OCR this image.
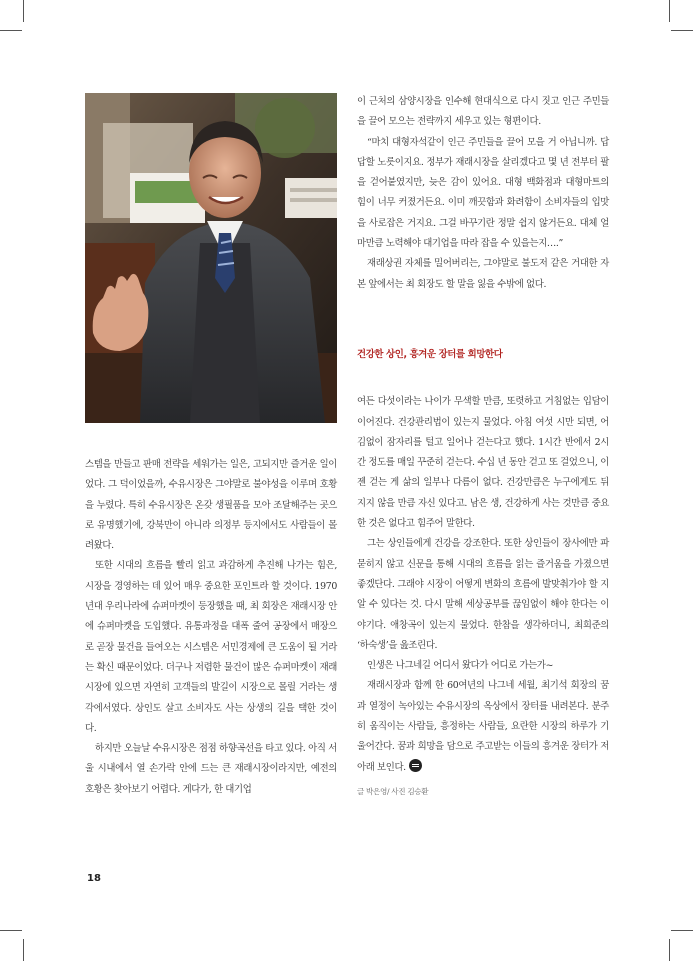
스템을 만들고 판매 전략을 세워가는 일은, 고되지만 즐거운 일이었다. 그 덕이었을까, 수유시장은 그야말로 불야성을 이루며 호황을 누렸다. 특히 수유시장은 온갖 생필품을 모아 조달해주는 곳으로 유명했기에, 강북만이 아니라 의정부 등지에서도 사람들이 몰려왔다.

또한 시대의 흐름을 빨리 읽고 과감하게 추진해 나가는 힘은, 시장을 경영하는 데 있어 매우 중요한 포인트라 할 것이다. 1970년대 우리나라에 슈퍼마켓이 등장했을 때, 최 회장은 재래시장 안에 슈퍼마켓을 도입했다. 유통과정을 대폭 줄여 공장에서 매장으로 곧장 물건을 들여오는 시스템은 서민경제에 큰 도움이 될 거라는 확신 때문이었다. 더구나 저렴한 물건이 많은 슈퍼마켓이 재래시장에 있으면 자연히 고객들의 발길이 시장으로 몰릴 거라는 생각에서였다. 상인도 살고 소비자도 사는 상생의 길을 택한 것이다.

하지만 오늘날 수유시장은 점점 하향곡선을 타고 있다. 아직 서울 시내에서 열 손가락 안에 드는 큰 재래시장이라지만, 예전의 호황은 찾아보기 어렵다. 게다가, 한 대기업

이 근처의 삼양시장을 인수해 현대식으로 다시 짓고 인근 주민들을 끌어 모으는 전략까지 세우고 있는 형편이다.

“마치 대형자석같이 인근 주민들을 끌어 모을 거 아닙니까. 답답할 노릇이지요. 정부가 재래시장을 살리겠다고 몇 년 전부터 팔을 걷어붙였지만, 늦은 감이 있어요. 대형 백화점과 대형마트의 힘이 너무 커졌거든요. 이미 깨끗함과 화려함이 소비자들의 입맛을 사로잡은 거지요. 그걸 바꾸기란 정말 쉽지 않거든요. 대체 얼마만큼 노력해야 대기업을 따라 잡을 수 있을는지….”

재래상권 자체를 밀어버리는, 그야말로 불도저 같은 거대한 자본 앞에서는 최 회장도 할 말을 잃을 수밖에 없다.

건강한 상인, 흥겨운 장터를 희망한다

여든 다섯이라는 나이가 무색할 만큼, 또렷하고 거침없는 입담이 이어진다. 건강관리법이 있는지 물었다. 아침 여섯 시만 되면, 어김없이 잠자리를 털고 일어나 걷는다고 했다. 1시간 반에서 2시간 정도를 매일 꾸준히 걷는다. 수십 년 동안 걷고 또 걸었으니, 이젠 걷는 게 삶의 일부나 다름이 없다. 건강만큼은 누구에게도 뒤지지 않을 만큼 자신 있다고. 남은 생, 건강하게 사는 것만큼 중요한 것은 없다고 힘주어 말한다.

그는 상인들에게 건강을 강조한다. 또한 상인들이 장사에만 파묻히지 않고 신문을 통해 시대의 흐름을 읽는 즐거움을 가졌으면 좋겠단다. 그래야 시장이 어떻게 변화의 흐름에 발맞춰가야 할 지 알 수 있다는 것. 다시 말해 세상공부를 끊임없이 해야 한다는 이야기다. 애창곡이 있는지 물었다. 한참을 생각하더니, 최희준의 ‘하숙생’을 읊조린다.

인생은 나그네길 어디서 왔다가 어디로 가는가~

재래시장과 함께 한 60여년의 나그네 세월, 최기석 회장의 꿈과 열정이 녹아있는 수유시장의 옥상에서 장터를 내려본다. 분주히 움직이는 사람들, 흥정하는 사람들, 요란한 시장의 하루가 기울어간다. 꿈과 희망을 담으로 주고받는 이들의 흥겨운 장터가 저 아래 보인다.

글 박은영/ 사진 김승환

18
